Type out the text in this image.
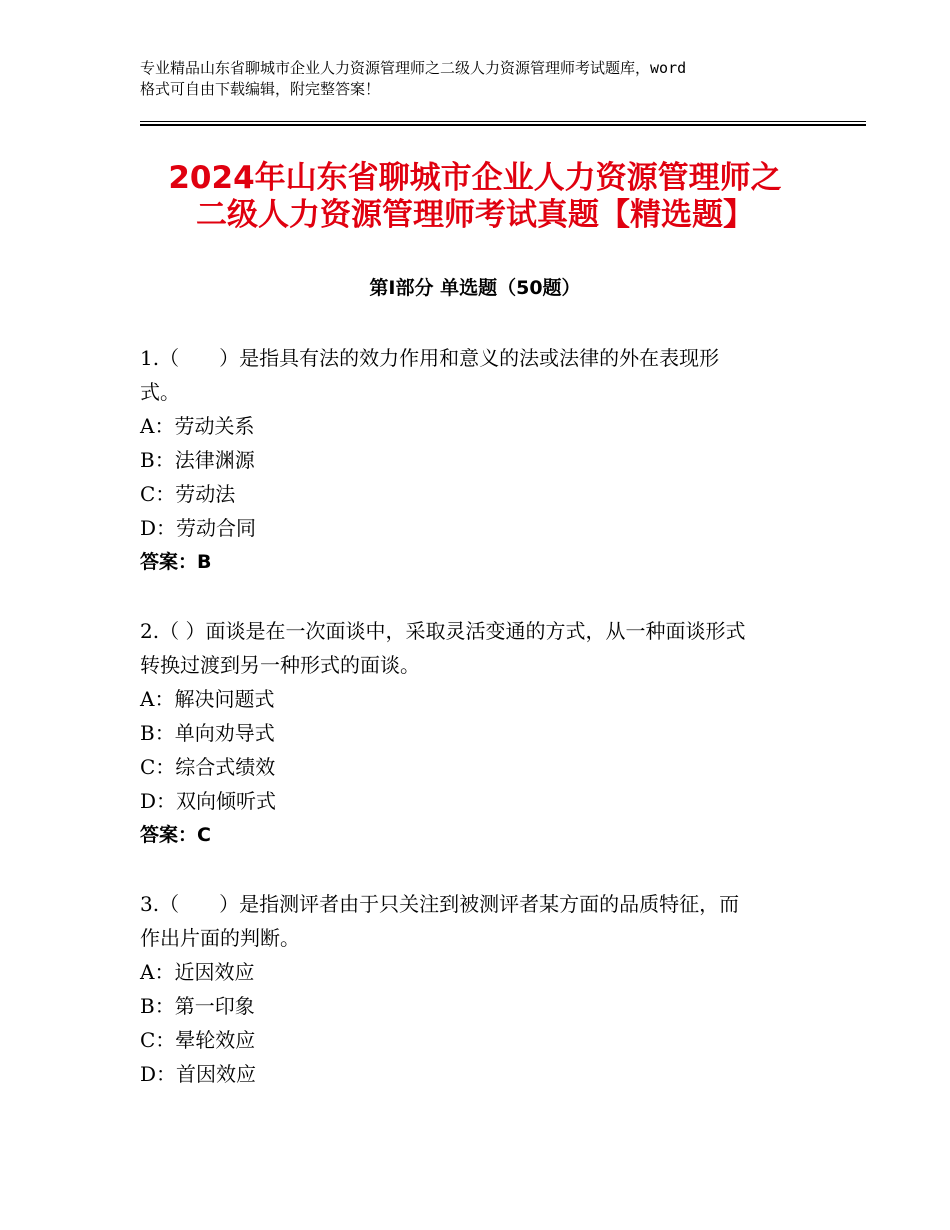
专业精品山东省聊城市企业人力资源管理师之二级人力资源管理师考试题库，word
格式可自由下载编辑，附完整答案！
2024年山东省聊城市企业人力资源管理师之
二级人力资源管理师考试真题【精选题】
第Ⅰ部分 单选题（50题）
1.（　　）是指具有法的效力作用和意义的法或法律的外在表现形
式。
A：劳动关系
B：法律渊源
C：劳动法
D：劳动合同
答案：B
2.（ ）面谈是在一次面谈中，采取灵活变通的方式，从一种面谈形式
转换过渡到另一种形式的面谈。
A：解决问题式
B：单向劝导式
C：综合式绩效
D：双向倾听式
答案：C
3.（　　）是指测评者由于只关注到被测评者某方面的品质特征，而
作出片面的判断。
A：近因效应
B：第一印象
C：晕轮效应
D：首因效应
